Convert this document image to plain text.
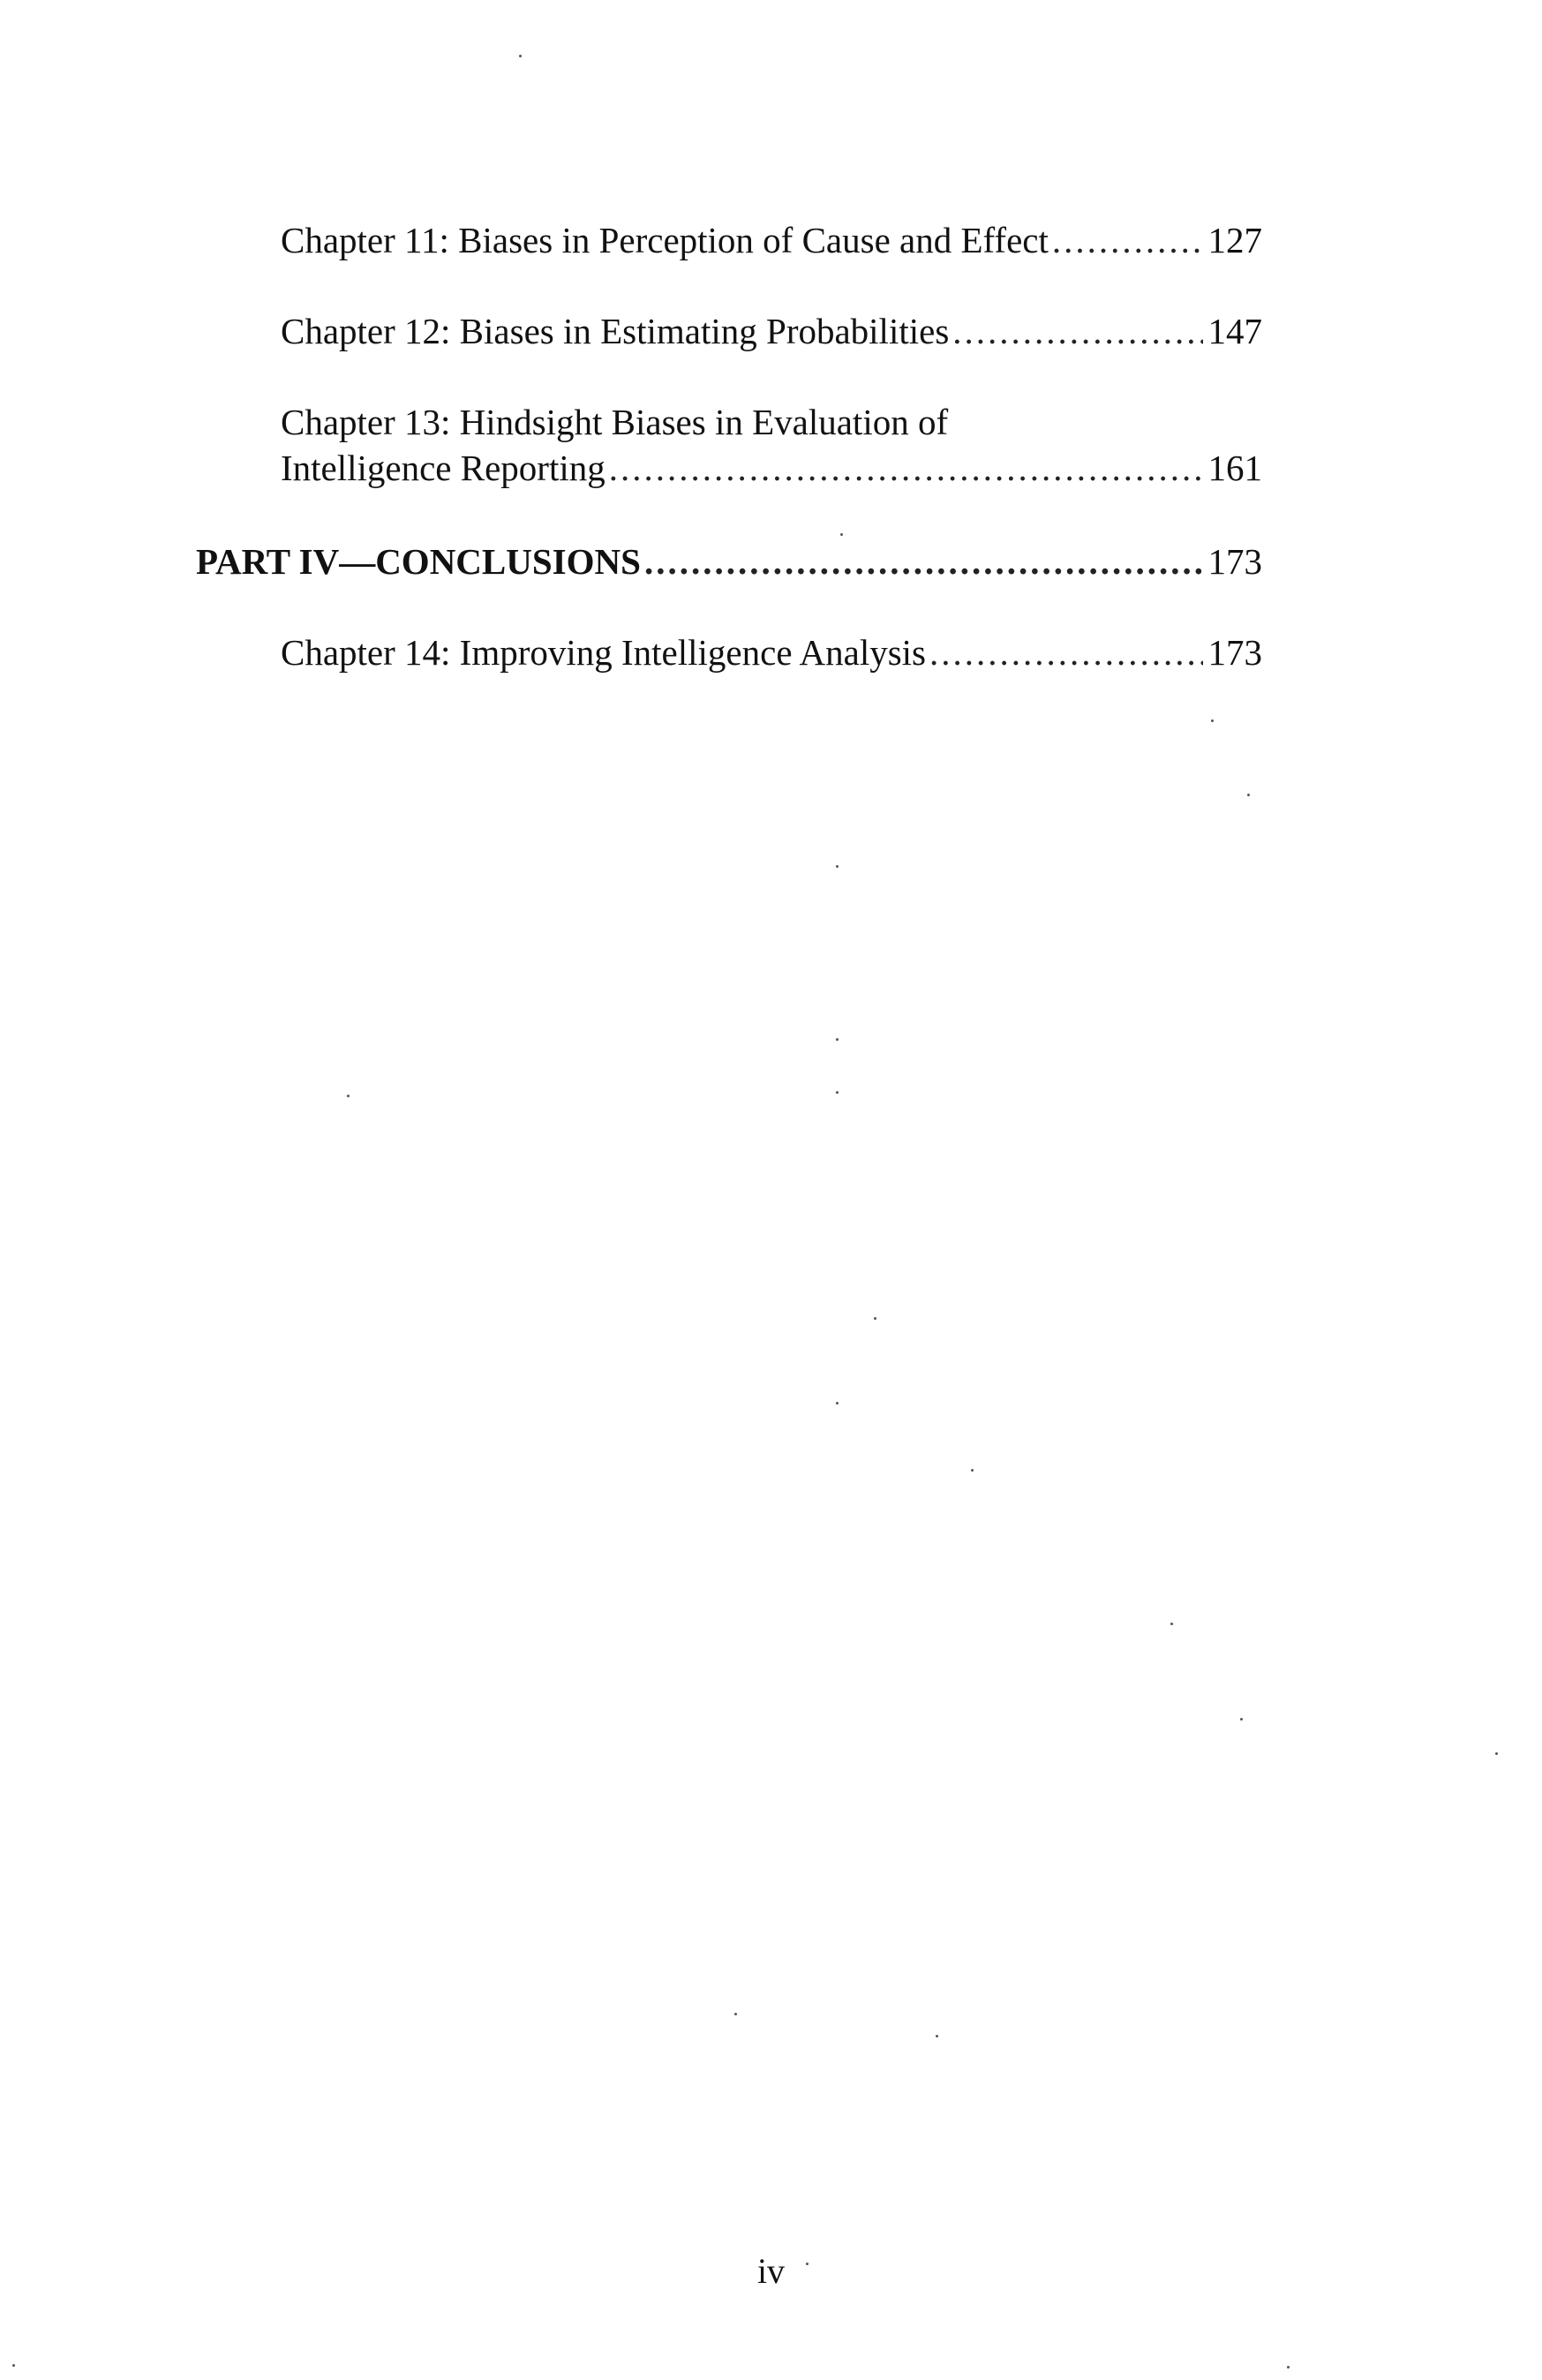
Chapter 11: Biases in Perception of Cause and Effect .....	127
Chapter 12: Biases in Estimating Probabilities .....	147
Chapter 13: Hindsight Biases in Evaluation of
Intelligence Reporting .....	161
PART IV—CONCLUSIONS .....	173
Chapter 14: Improving Intelligence Analysis .....	173
iv
